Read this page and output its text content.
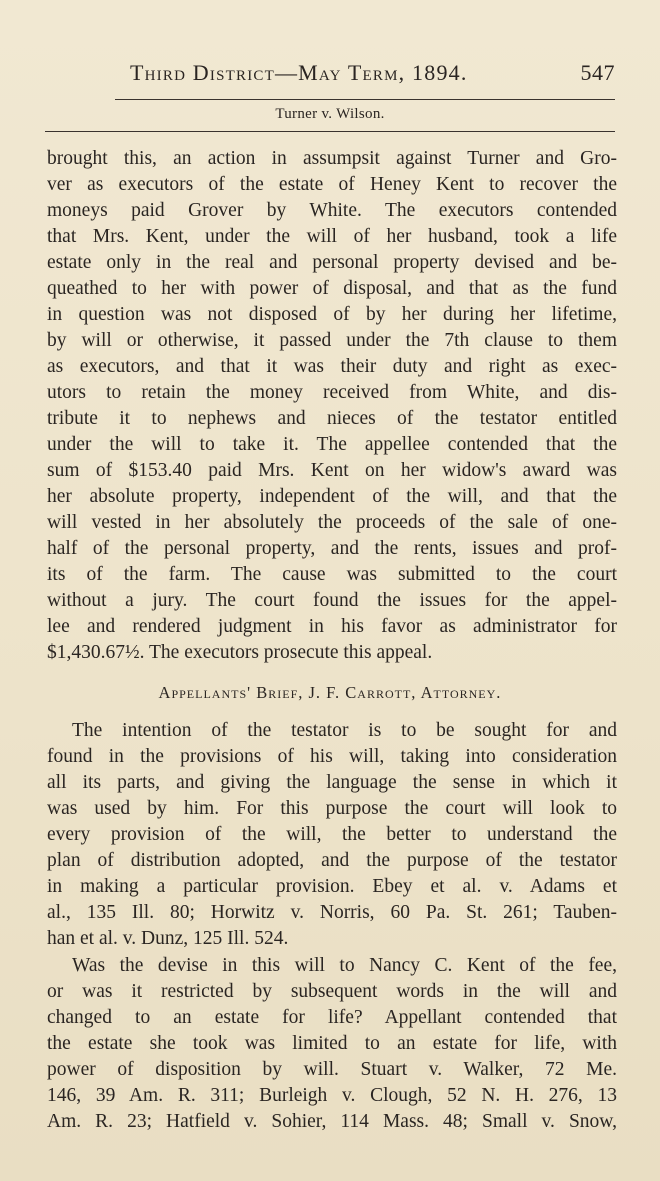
Third District—May Term, 1894.	547
Turner v. Wilson.
brought this, an action in assumpsit against Turner and Gro-
ver as executors of the estate of Heney Kent to recover the
moneys paid Grover by White. The executors contended
that Mrs. Kent, under the will of her husband, took a life
estate only in the real and personal property devised and be-
queathed to her with power of disposal, and that as the fund
in question was not disposed of by her during her lifetime,
by will or otherwise, it passed under the 7th clause to them
as executors, and that it was their duty and right as exec-
utors to retain the money received from White, and dis-
tribute it to nephews and nieces of the testator entitled
under the will to take it. The appellee contended that the
sum of $153.40 paid Mrs. Kent on her widow's award was
her absolute property, independent of the will, and that the
will vested in her absolutely the proceeds of the sale of one-
half of the personal property, and the rents, issues and prof-
its of the farm. The cause was submitted to the court
without a jury. The court found the issues for the appel-
lee and rendered judgment in his favor as administrator for
$1,430.67½. The executors prosecute this appeal.
Appellants' Brief, J. F. Carrott, Attorney.
The intention of the testator is to be sought for and
found in the provisions of his will, taking into consideration
all its parts, and giving the language the sense in which it
was used by him. For this purpose the court will look to
every provision of the will, the better to understand the
plan of distribution adopted, and the purpose of the testator
in making a particular provision. Ebey et al. v. Adams et
al., 135 Ill. 80; Horwitz v. Norris, 60 Pa. St. 261; Tauben-
han et al. v. Dunz, 125 Ill. 524.
Was the devise in this will to Nancy C. Kent of the fee,
or was it restricted by subsequent words in the will and
changed to an estate for life? Appellant contended that
the estate she took was limited to an estate for life, with
power of disposition by will. Stuart v. Walker, 72 Me.
146, 39 Am. R. 311; Burleigh v. Clough, 52 N. H. 276, 13
Am. R. 23; Hatfield v. Sohier, 114 Mass. 48; Small v. Snow,
